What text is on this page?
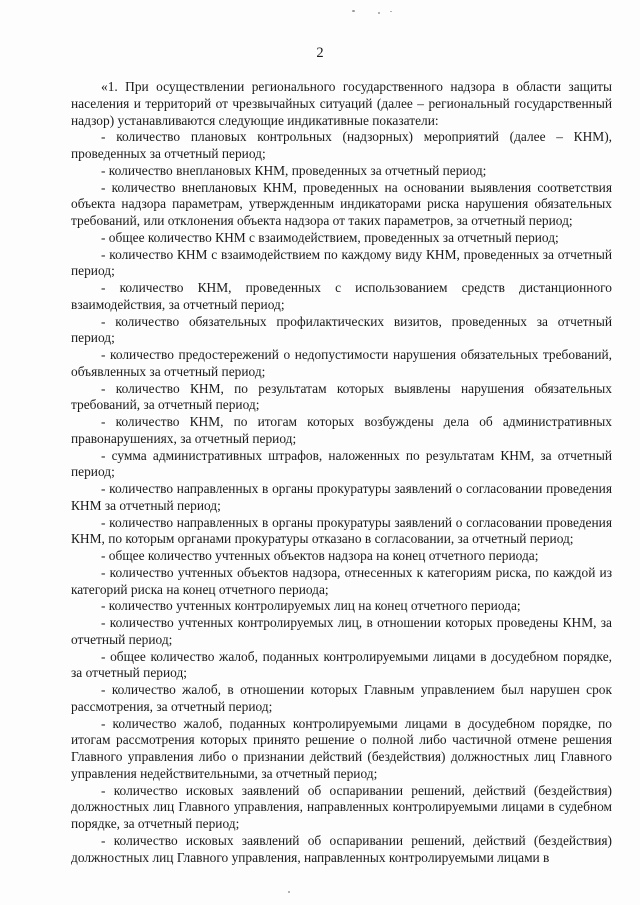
2

«1. При осуществлении регионального государственного надзора в области защиты населения и территорий от чрезвычайных ситуаций (далее – региональный государственный надзор) устанавливаются следующие индикативные показатели:

- количество плановых контрольных (надзорных) мероприятий (далее – КНМ), проведенных за отчетный период;

- количество внеплановых КНМ, проведенных за отчетный период;

- количество внеплановых КНМ, проведенных на основании выявления соответствия объекта надзора параметрам, утвержденным индикаторами риска нарушения обязательных требований, или отклонения объекта надзора от таких параметров, за отчетный период;

- общее количество КНМ с взаимодействием, проведенных за отчетный период;

- количество КНМ с взаимодействием по каждому виду КНМ, проведенных за отчетный период;

- количество КНМ, проведенных с использованием средств дистанционного взаимодействия, за отчетный период;

- количество обязательных профилактических визитов, проведенных за отчетный период;

- количество предостережений о недопустимости нарушения обязательных требований, объявленных за отчетный период;

- количество КНМ, по результатам которых выявлены нарушения обязательных требований, за отчетный период;

- количество КНМ, по итогам которых возбуждены дела об административных правонарушениях, за отчетный период;

- сумма административных штрафов, наложенных по результатам КНМ, за отчетный период;

- количество направленных в органы прокуратуры заявлений о согласовании проведения КНМ за отчетный период;

- количество направленных в органы прокуратуры заявлений о согласовании проведения КНМ, по которым органами прокуратуры отказано в согласовании, за отчетный период;

- общее количество учтенных объектов надзора на конец отчетного периода;

- количество учтенных объектов надзора, отнесенных к категориям риска, по каждой из категорий риска на конец отчетного периода;

- количество учтенных контролируемых лиц на конец отчетного периода;

- количество учтенных контролируемых лиц, в отношении которых проведены КНМ, за отчетный период;

- общее количество жалоб, поданных контролируемыми лицами в досудебном порядке, за отчетный период;

- количество жалоб, в отношении которых Главным управлением был нарушен срок рассмотрения, за отчетный период;

- количество жалоб, поданных контролируемыми лицами в досудебном порядке, по итогам рассмотрения которых принято решение о полной либо частичной отмене решения Главного управления либо о признании действий (бездействия) должностных лиц Главного управления недействительными, за отчетный период;

- количество исковых заявлений об оспаривании решений, действий (бездействия) должностных лиц Главного управления, направленных контролируемыми лицами в судебном порядке, за отчетный период;

- количество исковых заявлений об оспаривании решений, действий (бездействия) должностных лиц Главного управления, направленных контролируемыми лицами в
